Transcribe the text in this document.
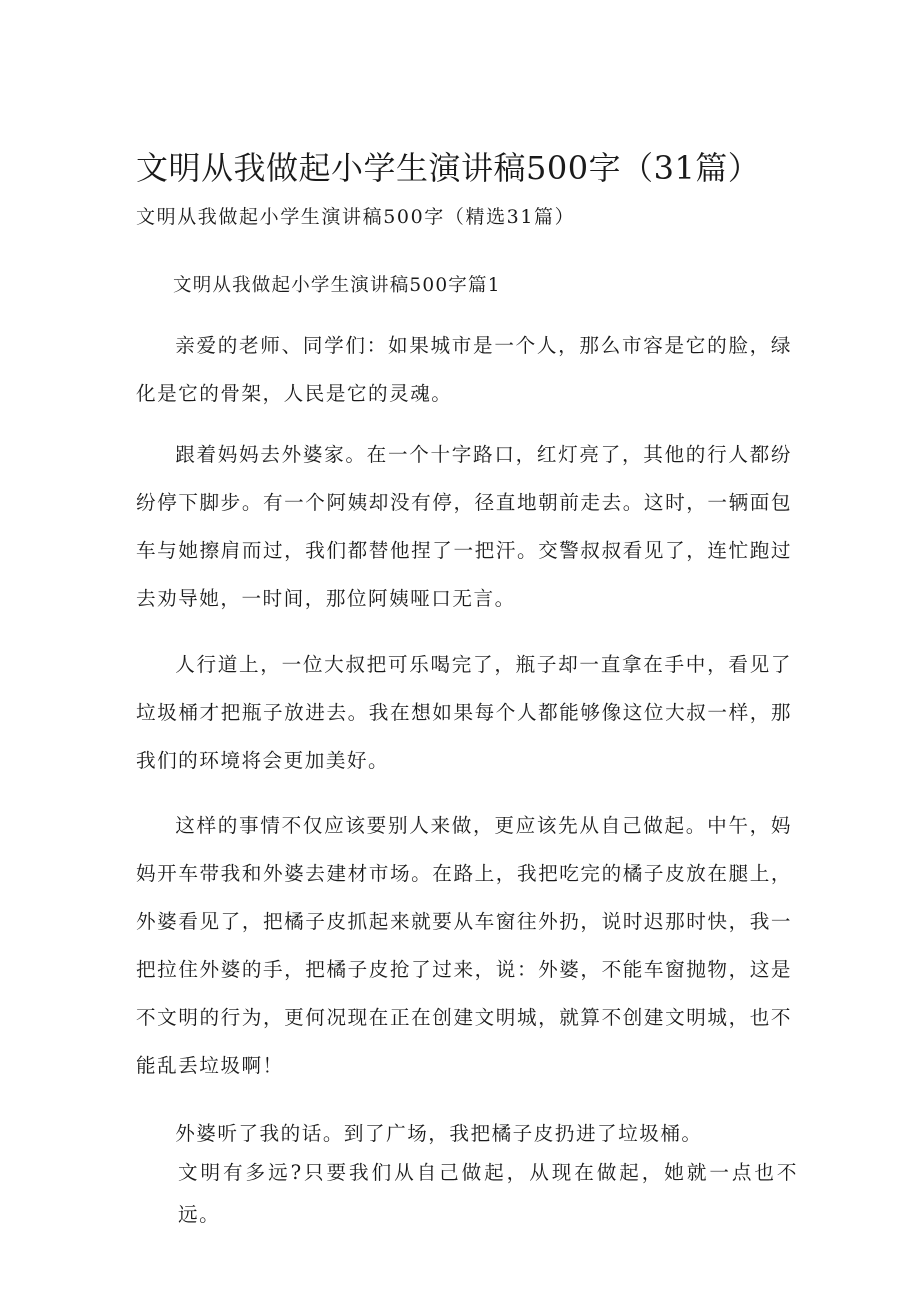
文明从我做起小学生演讲稿500字（31篇）
文明从我做起小学生演讲稿500字（精选31篇）

文明从我做起小学生演讲稿500字篇1

亲爱的老师、同学们：如果城市是一个人，那么市容是它的脸，绿化是它的骨架，人民是它的灵魂。

跟着妈妈去外婆家。在一个十字路口，红灯亮了，其他的行人都纷纷停下脚步。有一个阿姨却没有停，径直地朝前走去。这时，一辆面包车与她擦肩而过，我们都替他捏了一把汗。交警叔叔看见了，连忙跑过去劝导她，一时间，那位阿姨哑口无言。

人行道上，一位大叔把可乐喝完了，瓶子却一直拿在手中，看见了垃圾桶才把瓶子放进去。我在想如果每个人都能够像这位大叔一样，那我们的环境将会更加美好。

这样的事情不仅应该要别人来做，更应该先从自己做起。中午，妈妈开车带我和外婆去建材市场。在路上，我把吃完的橘子皮放在腿上，外婆看见了，把橘子皮抓起来就要从车窗往外扔，说时迟那时快，我一把拉住外婆的手，把橘子皮抢了过来，说：外婆，不能车窗抛物，这是不文明的行为，更何况现在正在创建文明城，就算不创建文明城，也不能乱丢垃圾啊！

外婆听了我的话。到了广场，我把橘子皮扔进了垃圾桶。

文明有多远?只要我们从自己做起，从现在做起，她就一点也不远。
